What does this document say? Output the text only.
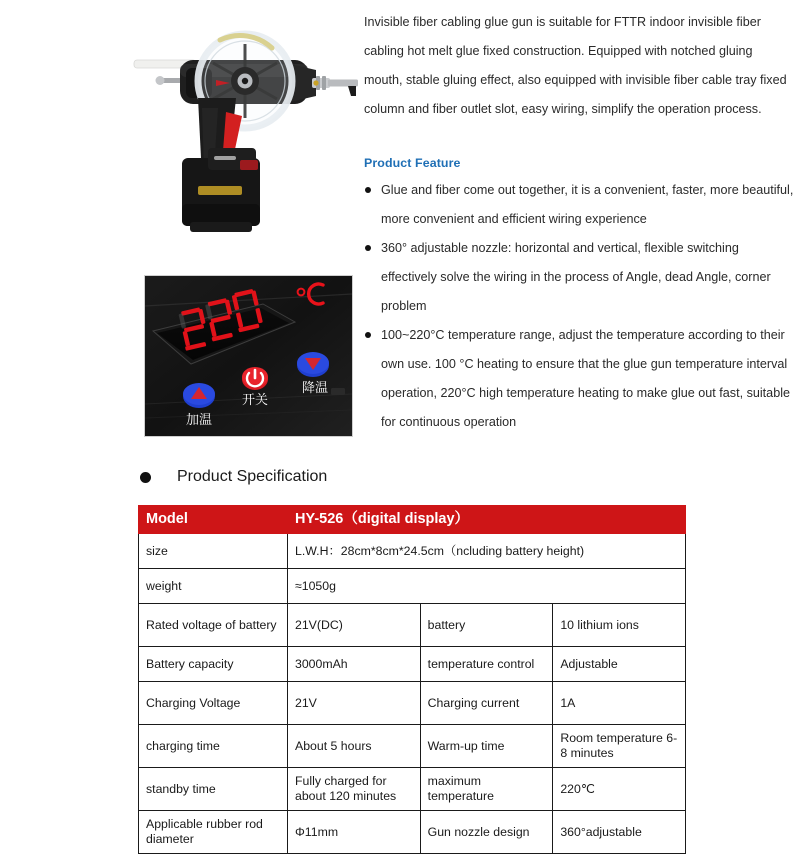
加温
开关
降温
Invisible fiber cabling glue gun is suitable for FTTR indoor invisible fiber cabling hot melt glue fixed construction. Equipped with notched gluing mouth, stable gluing effect, also equipped with invisible fiber cable tray fixed column and fiber outlet slot, easy wiring, simplify the operation process.
Product Feature
Glue and fiber come out together, it is a convenient, faster, more beautiful, more convenient and efficient wiring experience
360° adjustable nozzle: horizontal and vertical, flexible switching effectively solve the wiring in the process of Angle, dead Angle, corner problem
100~220°C temperature range, adjust the temperature according to their own use. 100 °C heating to ensure that the glue gun temperature interval operation, 220°C high temperature heating to make glue out fast, suitable for continuous operation
Product Specification
Model	HY-526（digital display）		
size	L.W.H：28cm*8cm*24.5cm（ncluding battery height)		
weight	≈1050g		
Rated voltage of battery	21V(DC)	battery	10 lithium ions
Battery capacity	3000mAh	temperature control	Adjustable
Charging Voltage	21V	Charging current	1A
charging time	About 5 hours	Warm-up time	Room temperature 6-8 minutes
standby time	Fully charged for about 120 minutes	maximum temperature	220℃
Applicable rubber rod diameter	Φ11mm	Gun nozzle design	360°adjustable
